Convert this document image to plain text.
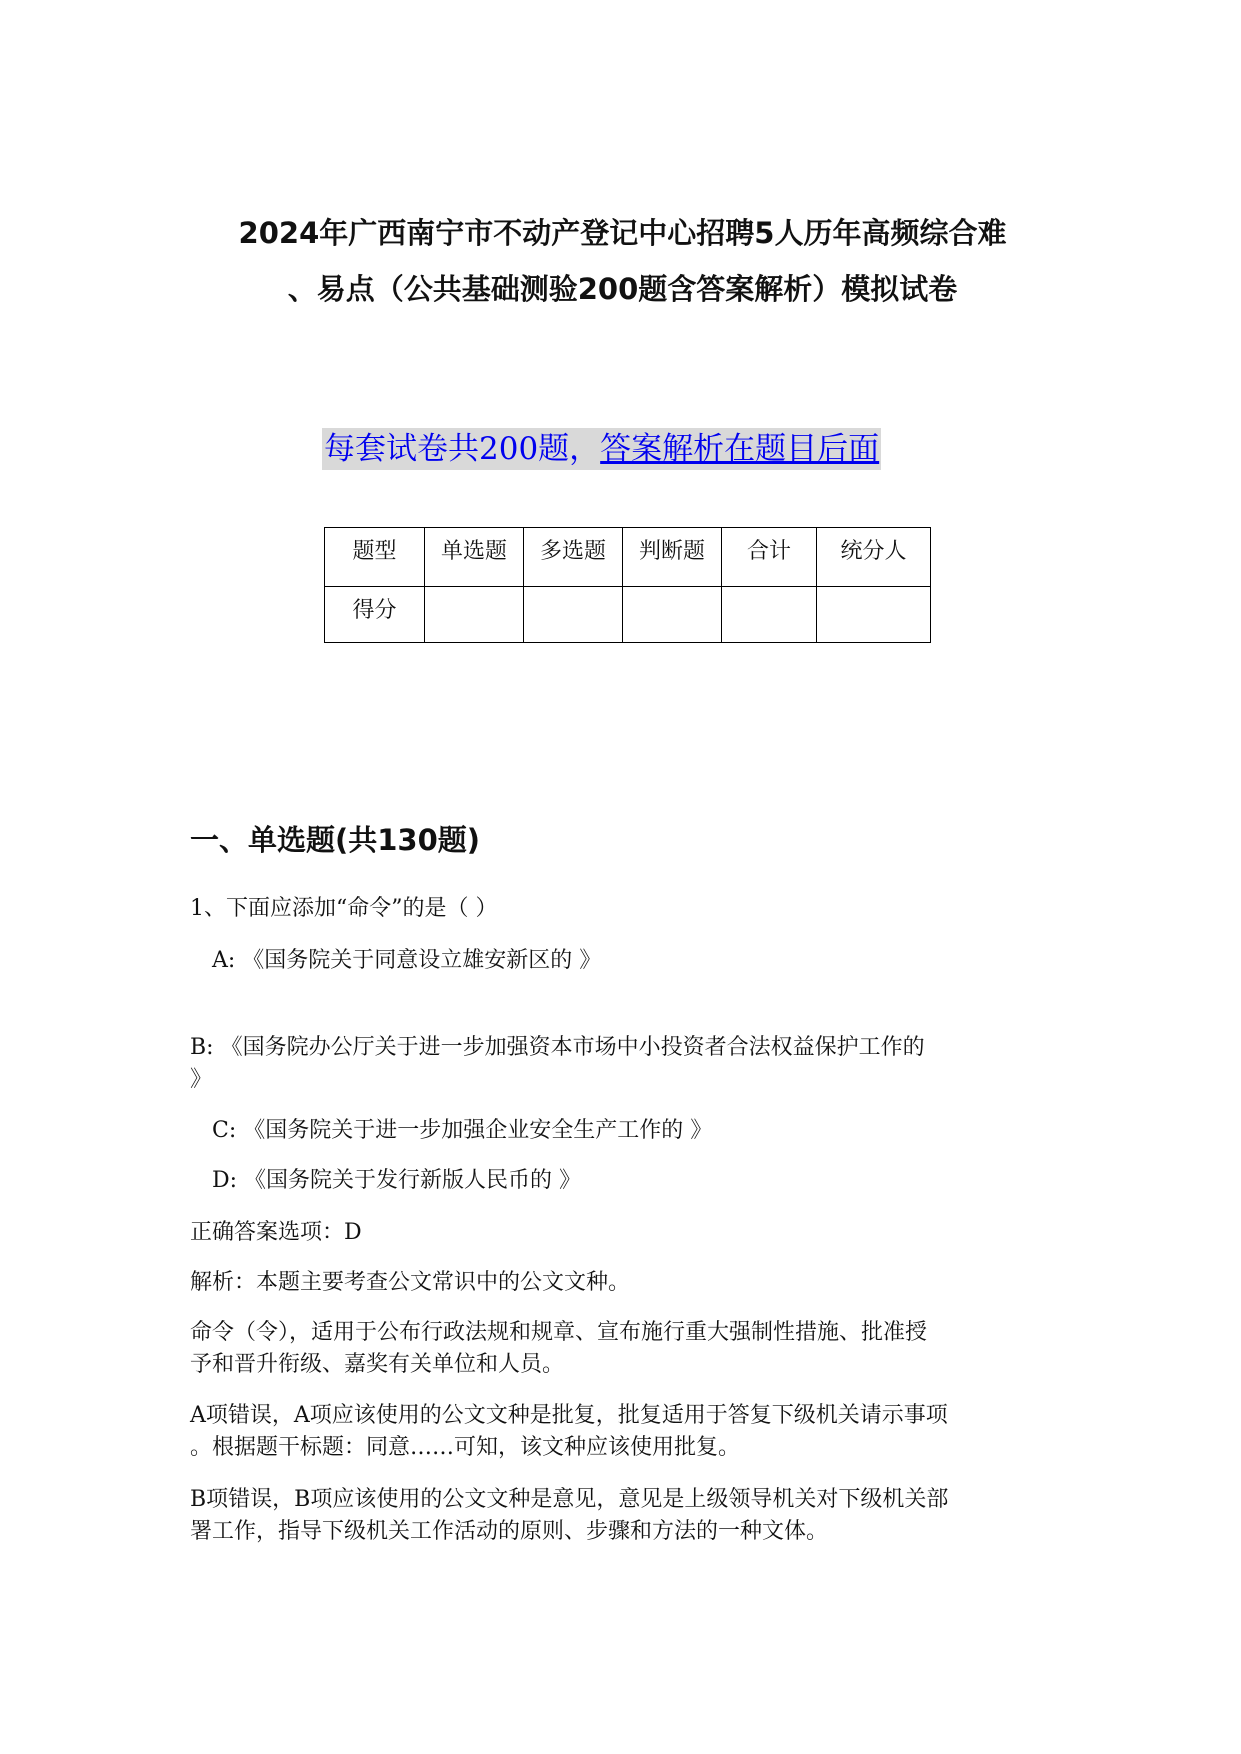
2024年广西南宁市不动产登记中心招聘5人历年高频综合难
、易点（公共基础测验200题含答案解析）模拟试卷
每套试卷共200题，答案解析在题目后面
题型	单选题	多选题	判断题	合计	统分人

得分					

一、单选题(共130题)
1、下面应添加“命令”的是（ ）
A: 《国务院关于同意设立雄安新区的 》
B: 《国务院办公厅关于进一步加强资本市场中小投资者合法权益保护工作的
》
C: 《国务院关于进一步加强企业安全生产工作的 》
D: 《国务院关于发行新版人民币的 》
正确答案选项：D
解析：本题主要考查公文常识中的公文文种。
命令（令），适用于公布行政法规和规章、宣布施行重大强制性措施、批准授
予和晋升衔级、嘉奖有关单位和人员。
A项错误，A项应该使用的公文文种是批复，批复适用于答复下级机关请示事项
。根据题干标题：同意……可知，该文种应该使用批复。
B项错误，B项应该使用的公文文种是意见，意见是上级领导机关对下级机关部
署工作，指导下级机关工作活动的原则、步骤和方法的一种文体。
